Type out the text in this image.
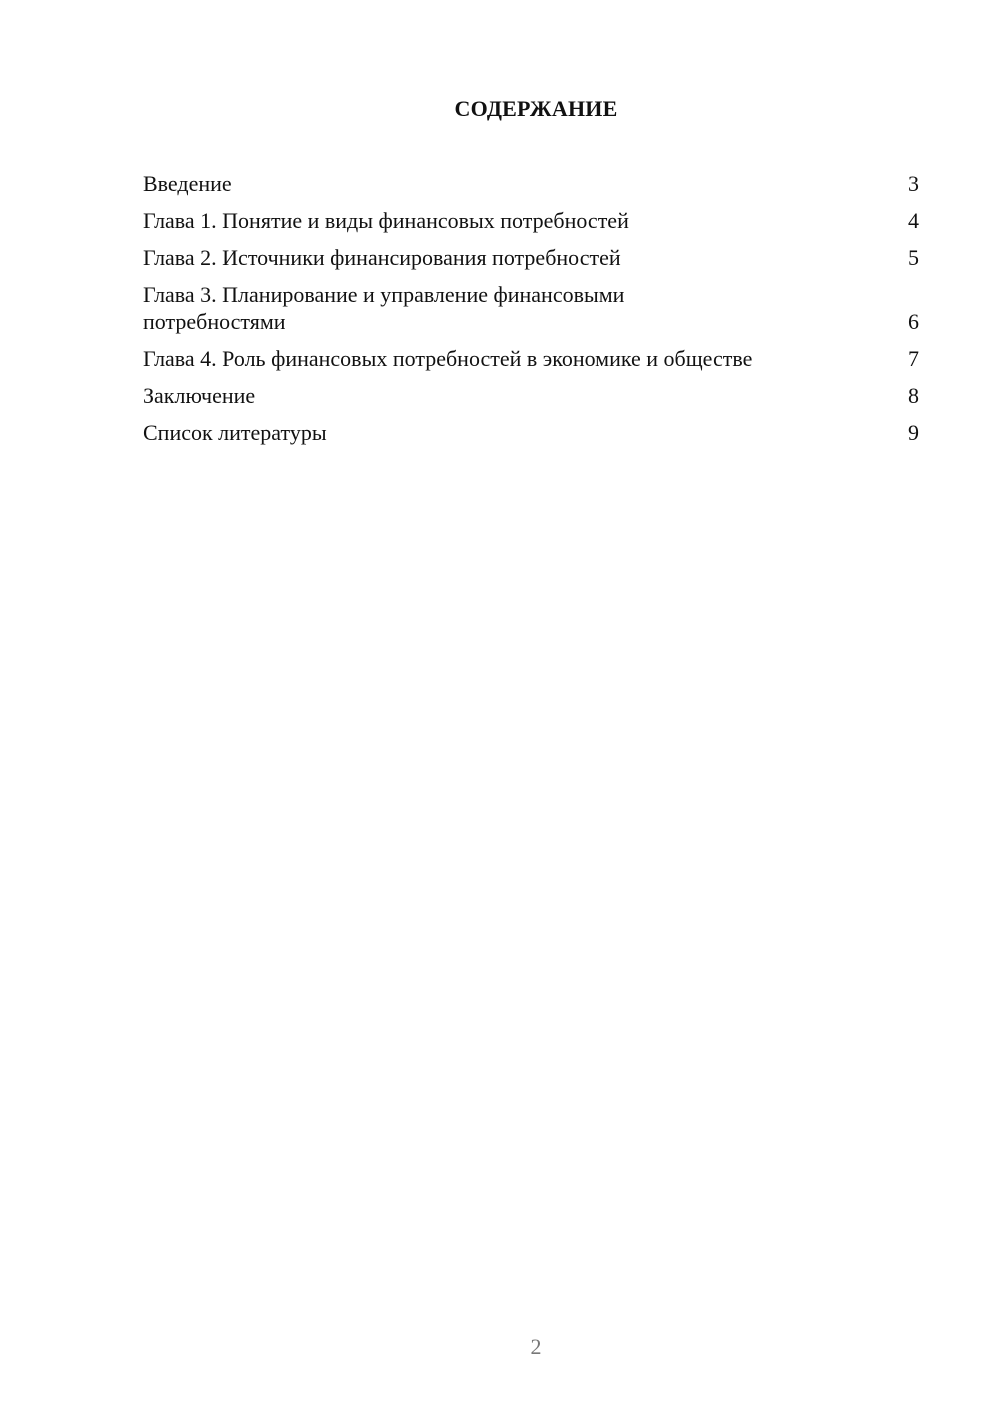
СОДЕРЖАНИЕ
Введение	3
Глава 1. Понятие и виды финансовых потребностей	4
Глава 2. Источники финансирования потребностей	5
Глава 3. Планирование и управление финансовыми потребностями	6
Глава 4. Роль финансовых потребностей в экономике и обществе	7
Заключение	8
Список литературы	9
2
